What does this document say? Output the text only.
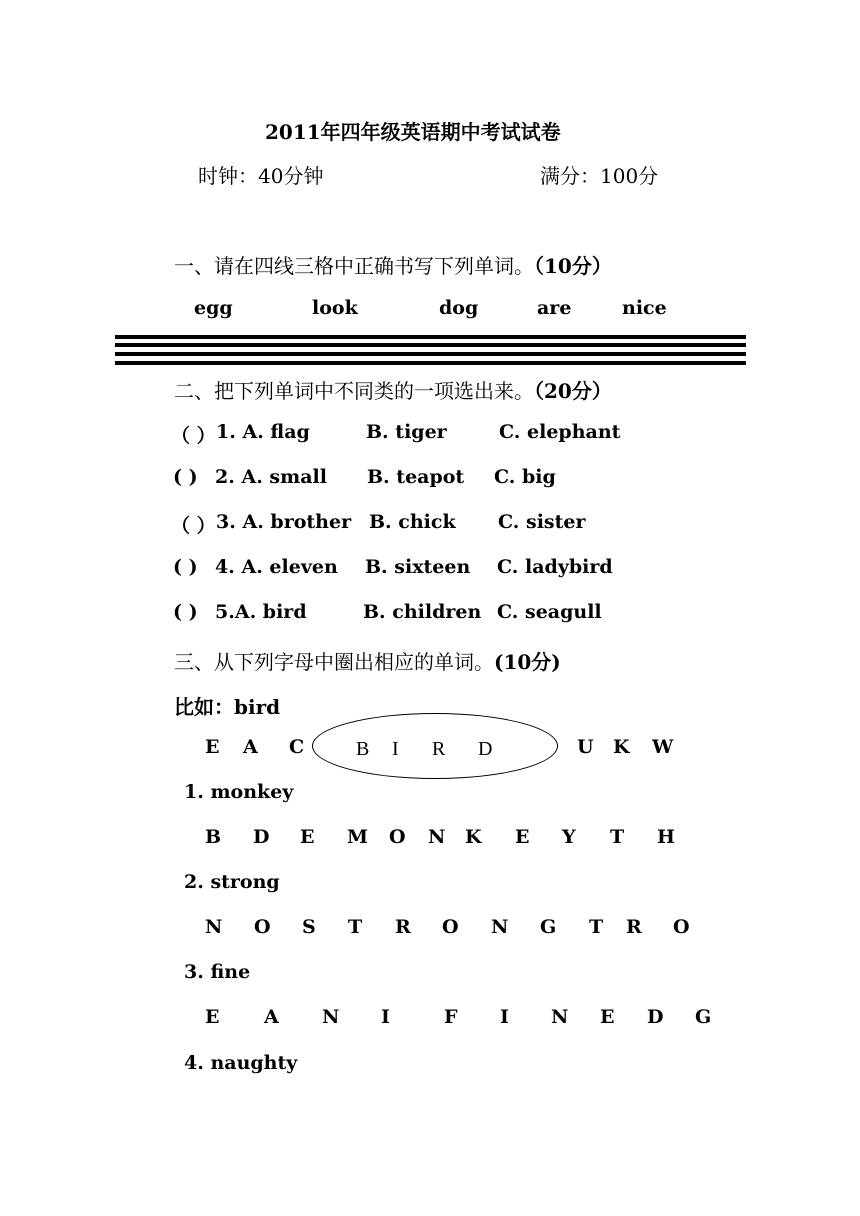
2011年四年级英语期中考试试卷
时钟：40分钟	满分：100分
一、请在四线三格中正确书写下列单词。（10分）
egg	look	dog	are	nice
二、把下列单词中不同类的一项选出来。（20分）
（ ） 1. A. flag	B. tiger	C. elephant
( ) 2. A. small B. teapot C. big
（ ） 3. A. brother B. chick C. sister
( ) 4. A. eleven B. sixteen C. ladybird
( ) 5.A. bird	B. children C. seagull
三、从下列字母中圈出相应的单词。(10分)
比如：bird
E A C	B I R D	U K W
1. monkey
B D E M O N K E Y T H
2. strong
N O S T R O N G T R O
3. fine
E A N I	F I N E D G
4. naughty
